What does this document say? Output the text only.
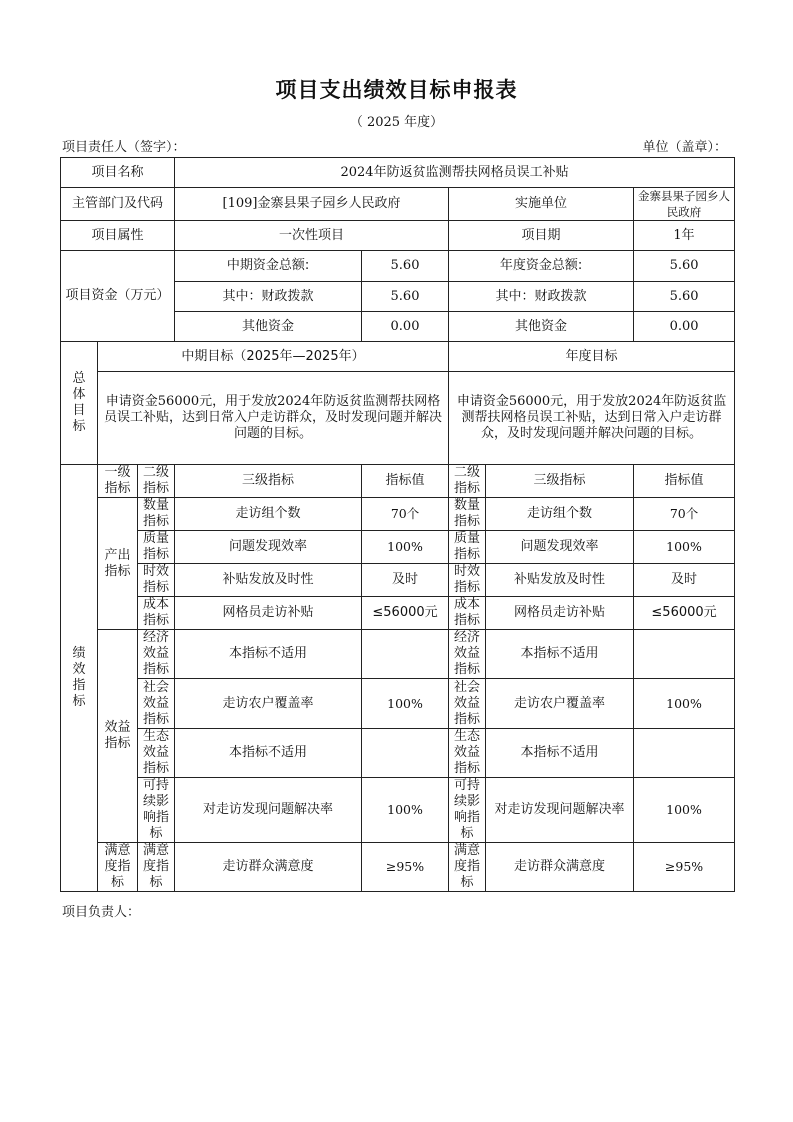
项目支出绩效目标申报表
（ 2025 年度）
项目责任人（签字）：	单位（盖章）：
项目名称			2024年防返贫监测帮扶网格员误工补贴				
主管部门及代码			[109]金寨县果子园乡人民政府		实施单位		金寨县果子园乡人民政府
项目属性			一次性项目		项目期		1年
项目资金（万元）			中期资金总额:	5.60	年度资金总额:		5.60
			其中：财政拨款	5.60	其中：财政拨款		5.60
			其他资金	0.00	其他资金		0.00
总体目标	中期目标（2025年—2025年）				年度目标		
	申请资金56000元，用于发放2024年防返贫监测帮扶网格员误工补贴，达到日常入户走访群众，及时发现问题并解决问题的目标。				申请资金56000元，用于发放2024年防返贫监测帮扶网格员误工补贴，达到日常入户走访群众，及时发现问题并解决问题的目标。		
绩效指标	一级指标	二级指标	三级指标	指标值	二级指标	三级指标	指标值
	产出指标	数量指标	走访组个数	70个	数量指标	走访组个数	70个
		质量指标	问题发现效率	100%	质量指标	问题发现效率	100%
		时效指标	补贴发放及时性	及时	时效指标	补贴发放及时性	及时
		成本指标	网格员走访补贴	≤56000元	成本指标	网格员走访补贴	≤56000元
	效益指标	经济效益指标	本指标不适用		经济效益指标	本指标不适用	
		社会效益指标	走访农户覆盖率	100%	社会效益指标	走访农户覆盖率	100%
		生态效益指标	本指标不适用		生态效益指标	本指标不适用	
		可持续影响指标	对走访发现问题解决率	100%	可持续影响指标	对走访发现问题解决率	100%
	满意度指标	满意度指标	走访群众满意度	≥95%	满意度指标	走访群众满意度	≥95%
项目负责人：
